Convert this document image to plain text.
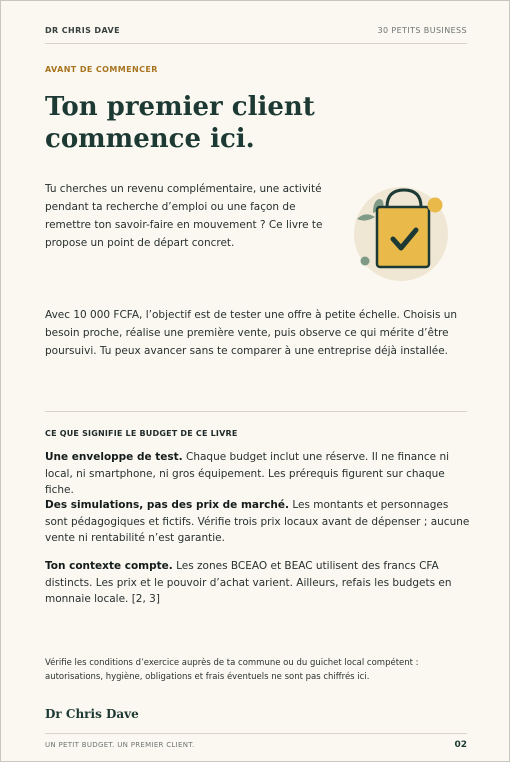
DR CHRIS DAVE	30 PETITS BUSINESS
AVANT DE COMMENCER
Ton premier client
commence ici.

Tu cherches un revenu complémentaire, une activité pendant ta recherche d’emploi ou une façon de remettre ton savoir-faire en mouvement ? Ce livre te propose un point de départ concret.

Avec 10 000 FCFA, l’objectif est de tester une offre à petite échelle. Choisis un besoin proche, réalise une première vente, puis observe ce qui mérite d’être poursuivi. Tu peux avancer sans te comparer à une entreprise déjà installée.

CE QUE SIGNIFIE LE BUDGET DE CE LIVRE

Une enveloppe de test. Chaque budget inclut une réserve. Il ne finance ni local, ni smartphone, ni gros équipement. Les prérequis figurent sur chaque fiche.

Des simulations, pas des prix de marché. Les montants et personnages sont pédagogiques et fictifs. Vérifie trois prix locaux avant de dépenser ; aucune vente ni rentabilité n’est garantie.

Ton contexte compte. Les zones BCEAO et BEAC utilisent des francs CFA distincts. Les prix et le pouvoir d’achat varient. Ailleurs, refais les budgets en monnaie locale. [2, 3]

Vérifie les conditions d’exercice auprès de ta commune ou du guichet local compétent : autorisations, hygiène, obligations et frais éventuels ne sont pas chiffrés ici.

Dr Chris Dave
UN PETIT BUDGET. UN PREMIER CLIENT.	02
